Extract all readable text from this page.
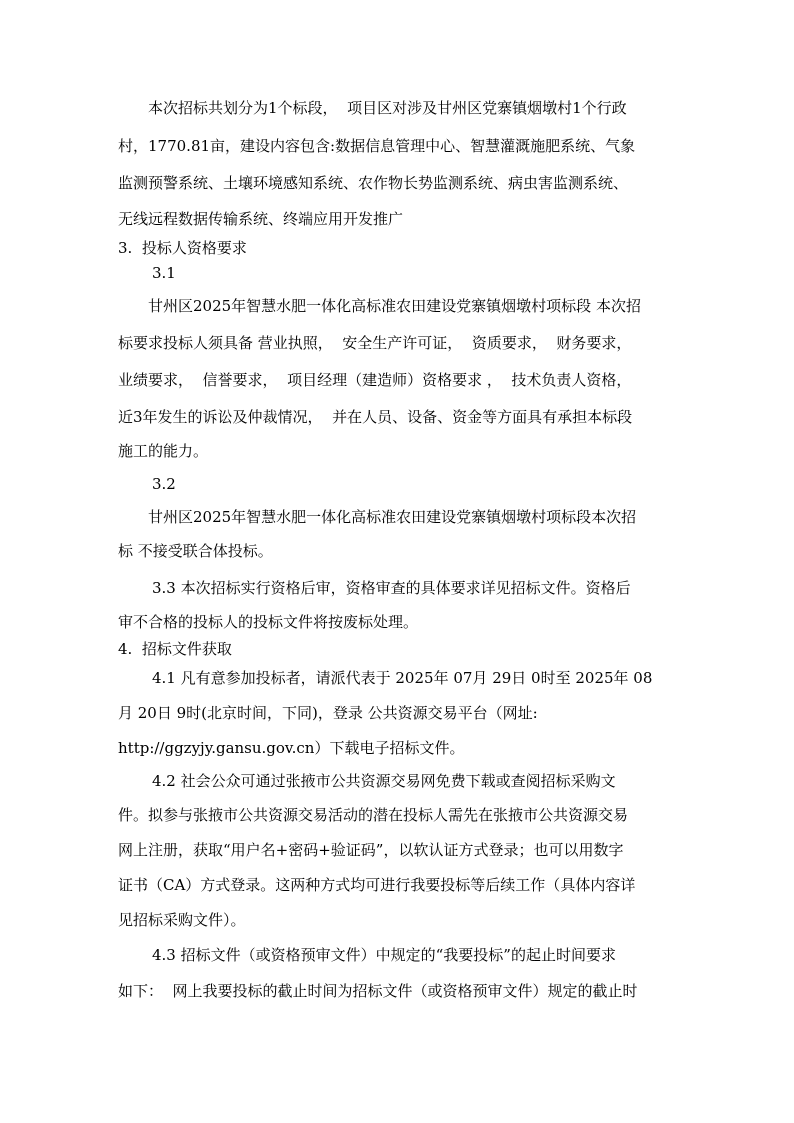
本次招标共划分为1个标段，  项目区对涉及甘州区党寨镇烟墩村1个行政
村，1770.81亩，建设内容包含:数据信息管理中心、智慧灌溉施肥系统、气象
监测预警系统、土壤环境感知系统、农作物长势监测系统、病虫害监测系统、
无线远程数据传输系统、终端应用开发推广
3.  投标人资格要求
3.1
甘州区2025年智慧水肥一体化高标准农田建设党寨镇烟墩村项标段 本次招
标要求投标人须具备 营业执照，  安全生产许可证，  资质要求，  财务要求，
业绩要求，  信誉要求，  项目经理（建造师）资格要求 ，  技术负责人资格，
近3年发生的诉讼及仲裁情况，  并在人员、设备、资金等方面具有承担本标段
施工的能力。
3.2
甘州区2025年智慧水肥一体化高标准农田建设党寨镇烟墩村项标段本次招
标 不接受联合体投标。
3.3 本次招标实行资格后审，资格审查的具体要求详见招标文件。资格后
审不合格的投标人的投标文件将按废标处理。
4.  招标文件获取
4.1 凡有意参加投标者，请派代表于 2025年 07月 29日 0时至 2025年 08
月 20日 9时(北京时间，下同)，登录 公共资源交易平台（网址:
http://ggzyjy.gansu.gov.cn）下载电子招标文件。
4.2 社会公众可通过张掖市公共资源交易网免费下载或查阅招标采购文
件。拟参与张掖市公共资源交易活动的潜在投标人需先在张掖市公共资源交易
网上注册，获取“用户名+密码+验证码”，以软认证方式登录；也可以用数字
证书（CA）方式登录。这两种方式均可进行我要投标等后续工作（具体内容详
见招标采购文件）。
4.3 招标文件（或资格预审文件）中规定的“我要投标”的起止时间要求
如下：  网上我要投标的截止时间为招标文件（或资格预审文件）规定的截止时
